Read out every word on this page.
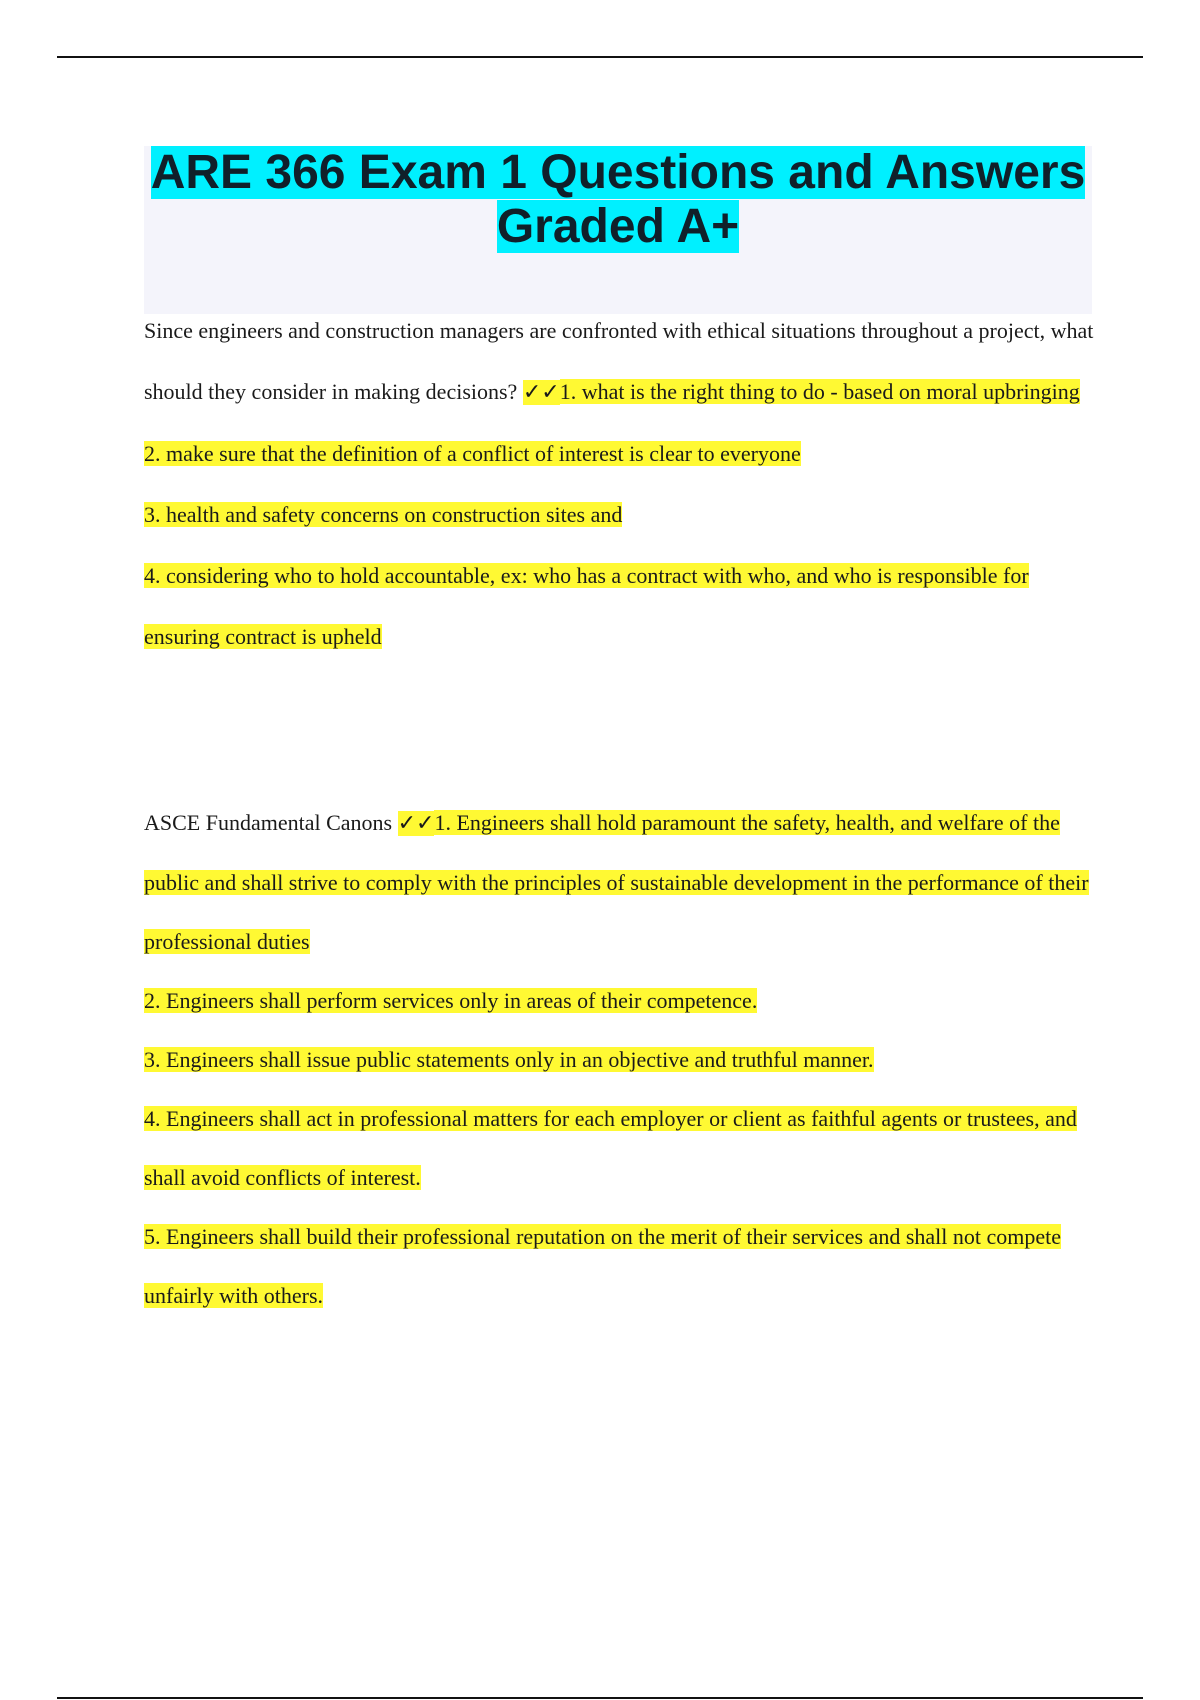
ARE 366 Exam 1 Questions and Answers Graded A+

Since engineers and construction managers are confronted with ethical situations throughout a project, what should they consider in making decisions? ✓✓1. what is the right thing to do - based on moral upbringing

2. make sure that the definition of a conflict of interest is clear to everyone

3. health and safety concerns on construction sites and

4. considering who to hold accountable, ex: who has a contract with who, and who is responsible for ensuring contract is upheld

ASCE Fundamental Canons ✓✓1. Engineers shall hold paramount the safety, health, and welfare of the public and shall strive to comply with the principles of sustainable development in the performance of their professional duties

2. Engineers shall perform services only in areas of their competence.

3. Engineers shall issue public statements only in an objective and truthful manner.

4. Engineers shall act in professional matters for each employer or client as faithful agents or trustees, and shall avoid conflicts of interest.

5. Engineers shall build their professional reputation on the merit of their services and shall not compete unfairly with others.
